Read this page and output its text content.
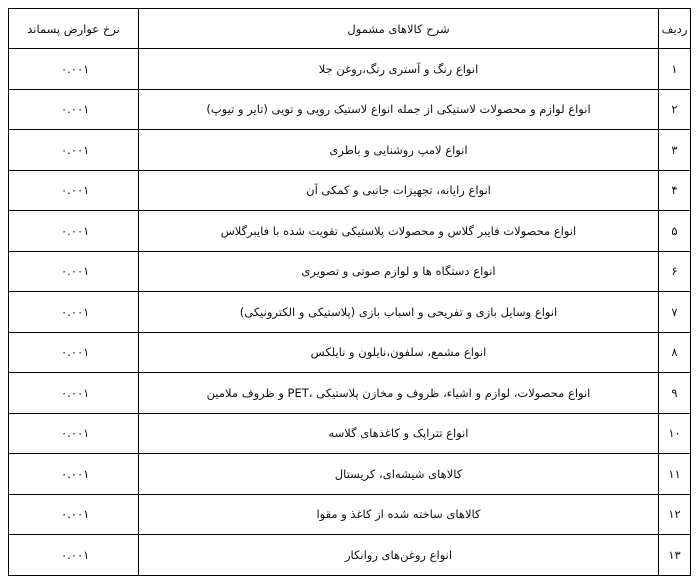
ردیف	شرح کالاهای مشمول	نرخ عوارض پسماند
۱	انواع رنگ و آستری رنگ،روغن جلا	۰.۰۰۱
۲	انواع لوازم و محصولات لاستیکی از جمله انواع لاستیک رویی و تویی (تایر و تیوپ)	۰.۰۰۱
۳	انواع لامپ روشنایی و باطری	۰.۰۰۱
۴	انواع رایانه، تجهیزات جانبی و کمکی آن	۰.۰۰۱
۵	انواع محصولات فایبر گلاس و محصولات پلاستیکی تقویت شده با فایبرگلاس	۰.۰۰۱
۶	انواع دستگاه ها و لوازم صوتی و تصویری	۰.۰۰۱
۷	انواع وسایل بازی و تفریحی و اسباب بازی (پلاستیکی و الکترونیکی)	۰.۰۰۱
۸	انواع مشمع، سلفون،نایلون و نایلکس	۰.۰۰۱
۹	انواع محصولات، لوازم و اشیاء، ظروف و مخازن پلاستیکی ،PET و ظروف ملامین	۰.۰۰۱
۱۰	انواع تتراپک و کاغذهای گلاسه	۰.۰۰۱
۱۱	کالاهای شیشه‌ای، کریستال	۰.۰۰۱
۱۲	کالاهای ساخته شده از کاغذ و مقوا	۰.۰۰۱
۱۳	انواع روغن‌های روانکار	۰.۰۰۱
